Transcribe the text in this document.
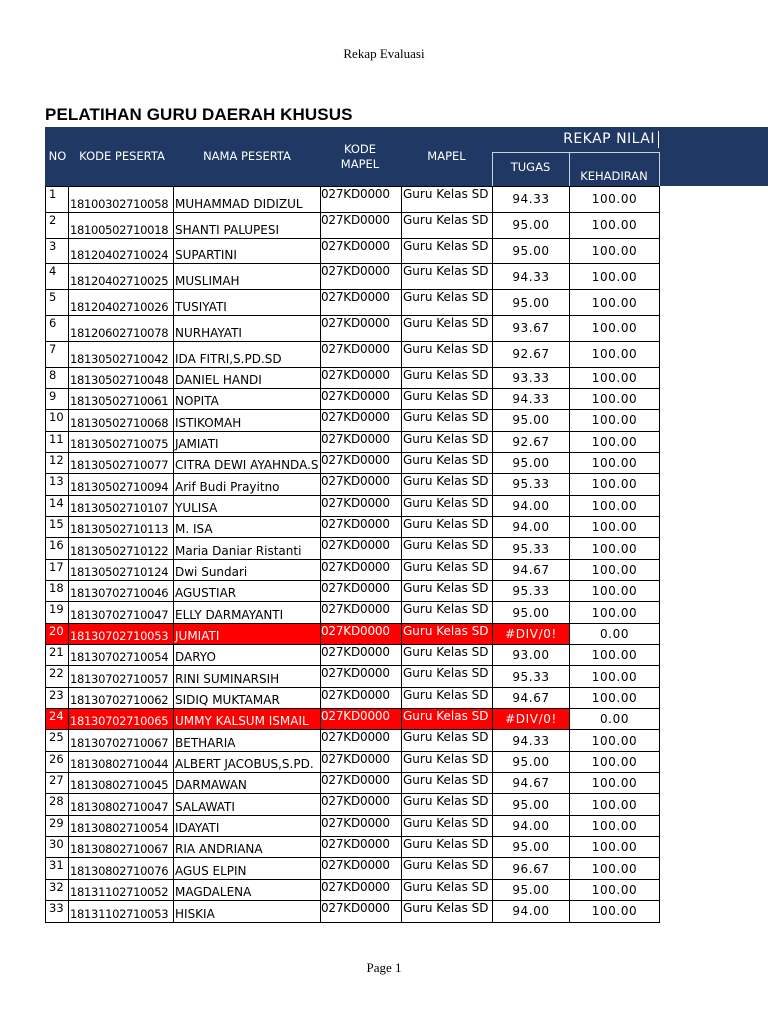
Rekap Evaluasi
PELATIHAN GURU DAERAH KHUSUS
NO	KODE PESERTA	NAMA PESERTA
KODE MAPEL
MAPEL
REKAP NILAI
TUGAS
KEHADIRAN
1	18100302710058	MUHAMMAD DIDIZUL	027KD0000	Guru Kelas SD	94.33	100.00
2	18100502710018	SHANTI PALUPESI	027KD0000	Guru Kelas SD	95.00	100.00
3	18120402710024	SUPARTINI	027KD0000	Guru Kelas SD	95.00	100.00
4	18120402710025	MUSLIMAH	027KD0000	Guru Kelas SD	94.33	100.00
5	18120402710026	TUSIYATI	027KD0000	Guru Kelas SD	95.00	100.00
6	18120602710078	NURHAYATI	027KD0000	Guru Kelas SD	93.67	100.00
7	18130502710042	IDA FITRI,S.PD.SD	027KD0000	Guru Kelas SD	92.67	100.00
8	18130502710048	DANIEL HANDI	027KD0000	Guru Kelas SD	93.33	100.00
9	18130502710061	NOPITA	027KD0000	Guru Kelas SD	94.33	100.00
10	18130502710068	ISTIKOMAH	027KD0000	Guru Kelas SD	95.00	100.00
11	18130502710075	JAMIATI	027KD0000	Guru Kelas SD	92.67	100.00
12	18130502710077	CITRA DEWI AYAHNDA.S	027KD0000	Guru Kelas SD	95.00	100.00
13	18130502710094	Arif Budi Prayitno	027KD0000	Guru Kelas SD	95.33	100.00
14	18130502710107	YULISA	027KD0000	Guru Kelas SD	94.00	100.00
15	18130502710113	M. ISA	027KD0000	Guru Kelas SD	94.00	100.00
16	18130502710122	Maria Daniar Ristanti	027KD0000	Guru Kelas SD	95.33	100.00
17	18130502710124	Dwi Sundari	027KD0000	Guru Kelas SD	94.67	100.00
18	18130702710046	AGUSTIAR	027KD0000	Guru Kelas SD	95.33	100.00
19	18130702710047	ELLY DARMAYANTI	027KD0000	Guru Kelas SD	95.00	100.00
20	18130702710053	JUMIATI	027KD0000	Guru Kelas SD	#DIV/0!	0.00
21	18130702710054	DARYO	027KD0000	Guru Kelas SD	93.00	100.00
22	18130702710057	RINI SUMINARSIH	027KD0000	Guru Kelas SD	95.33	100.00
23	18130702710062	SIDIQ MUKTAMAR	027KD0000	Guru Kelas SD	94.67	100.00
24	18130702710065	UMMY KALSUM ISMAIL	027KD0000	Guru Kelas SD	#DIV/0!	0.00
25	18130702710067	BETHARIA	027KD0000	Guru Kelas SD	94.33	100.00
26	18130802710044	ALBERT JACOBUS,S.PD.	027KD0000	Guru Kelas SD	95.00	100.00
27	18130802710045	DARMAWAN	027KD0000	Guru Kelas SD	94.67	100.00
28	18130802710047	SALAWATI	027KD0000	Guru Kelas SD	95.00	100.00
29	18130802710054	IDAYATI	027KD0000	Guru Kelas SD	94.00	100.00
30	18130802710067	RIA ANDRIANA	027KD0000	Guru Kelas SD	95.00	100.00
31	18130802710076	AGUS ELPIN	027KD0000	Guru Kelas SD	96.67	100.00
32	18131102710052	MAGDALENA	027KD0000	Guru Kelas SD	95.00	100.00
33	18131102710053	HISKIA	027KD0000	Guru Kelas SD	94.00	100.00
Page 1
